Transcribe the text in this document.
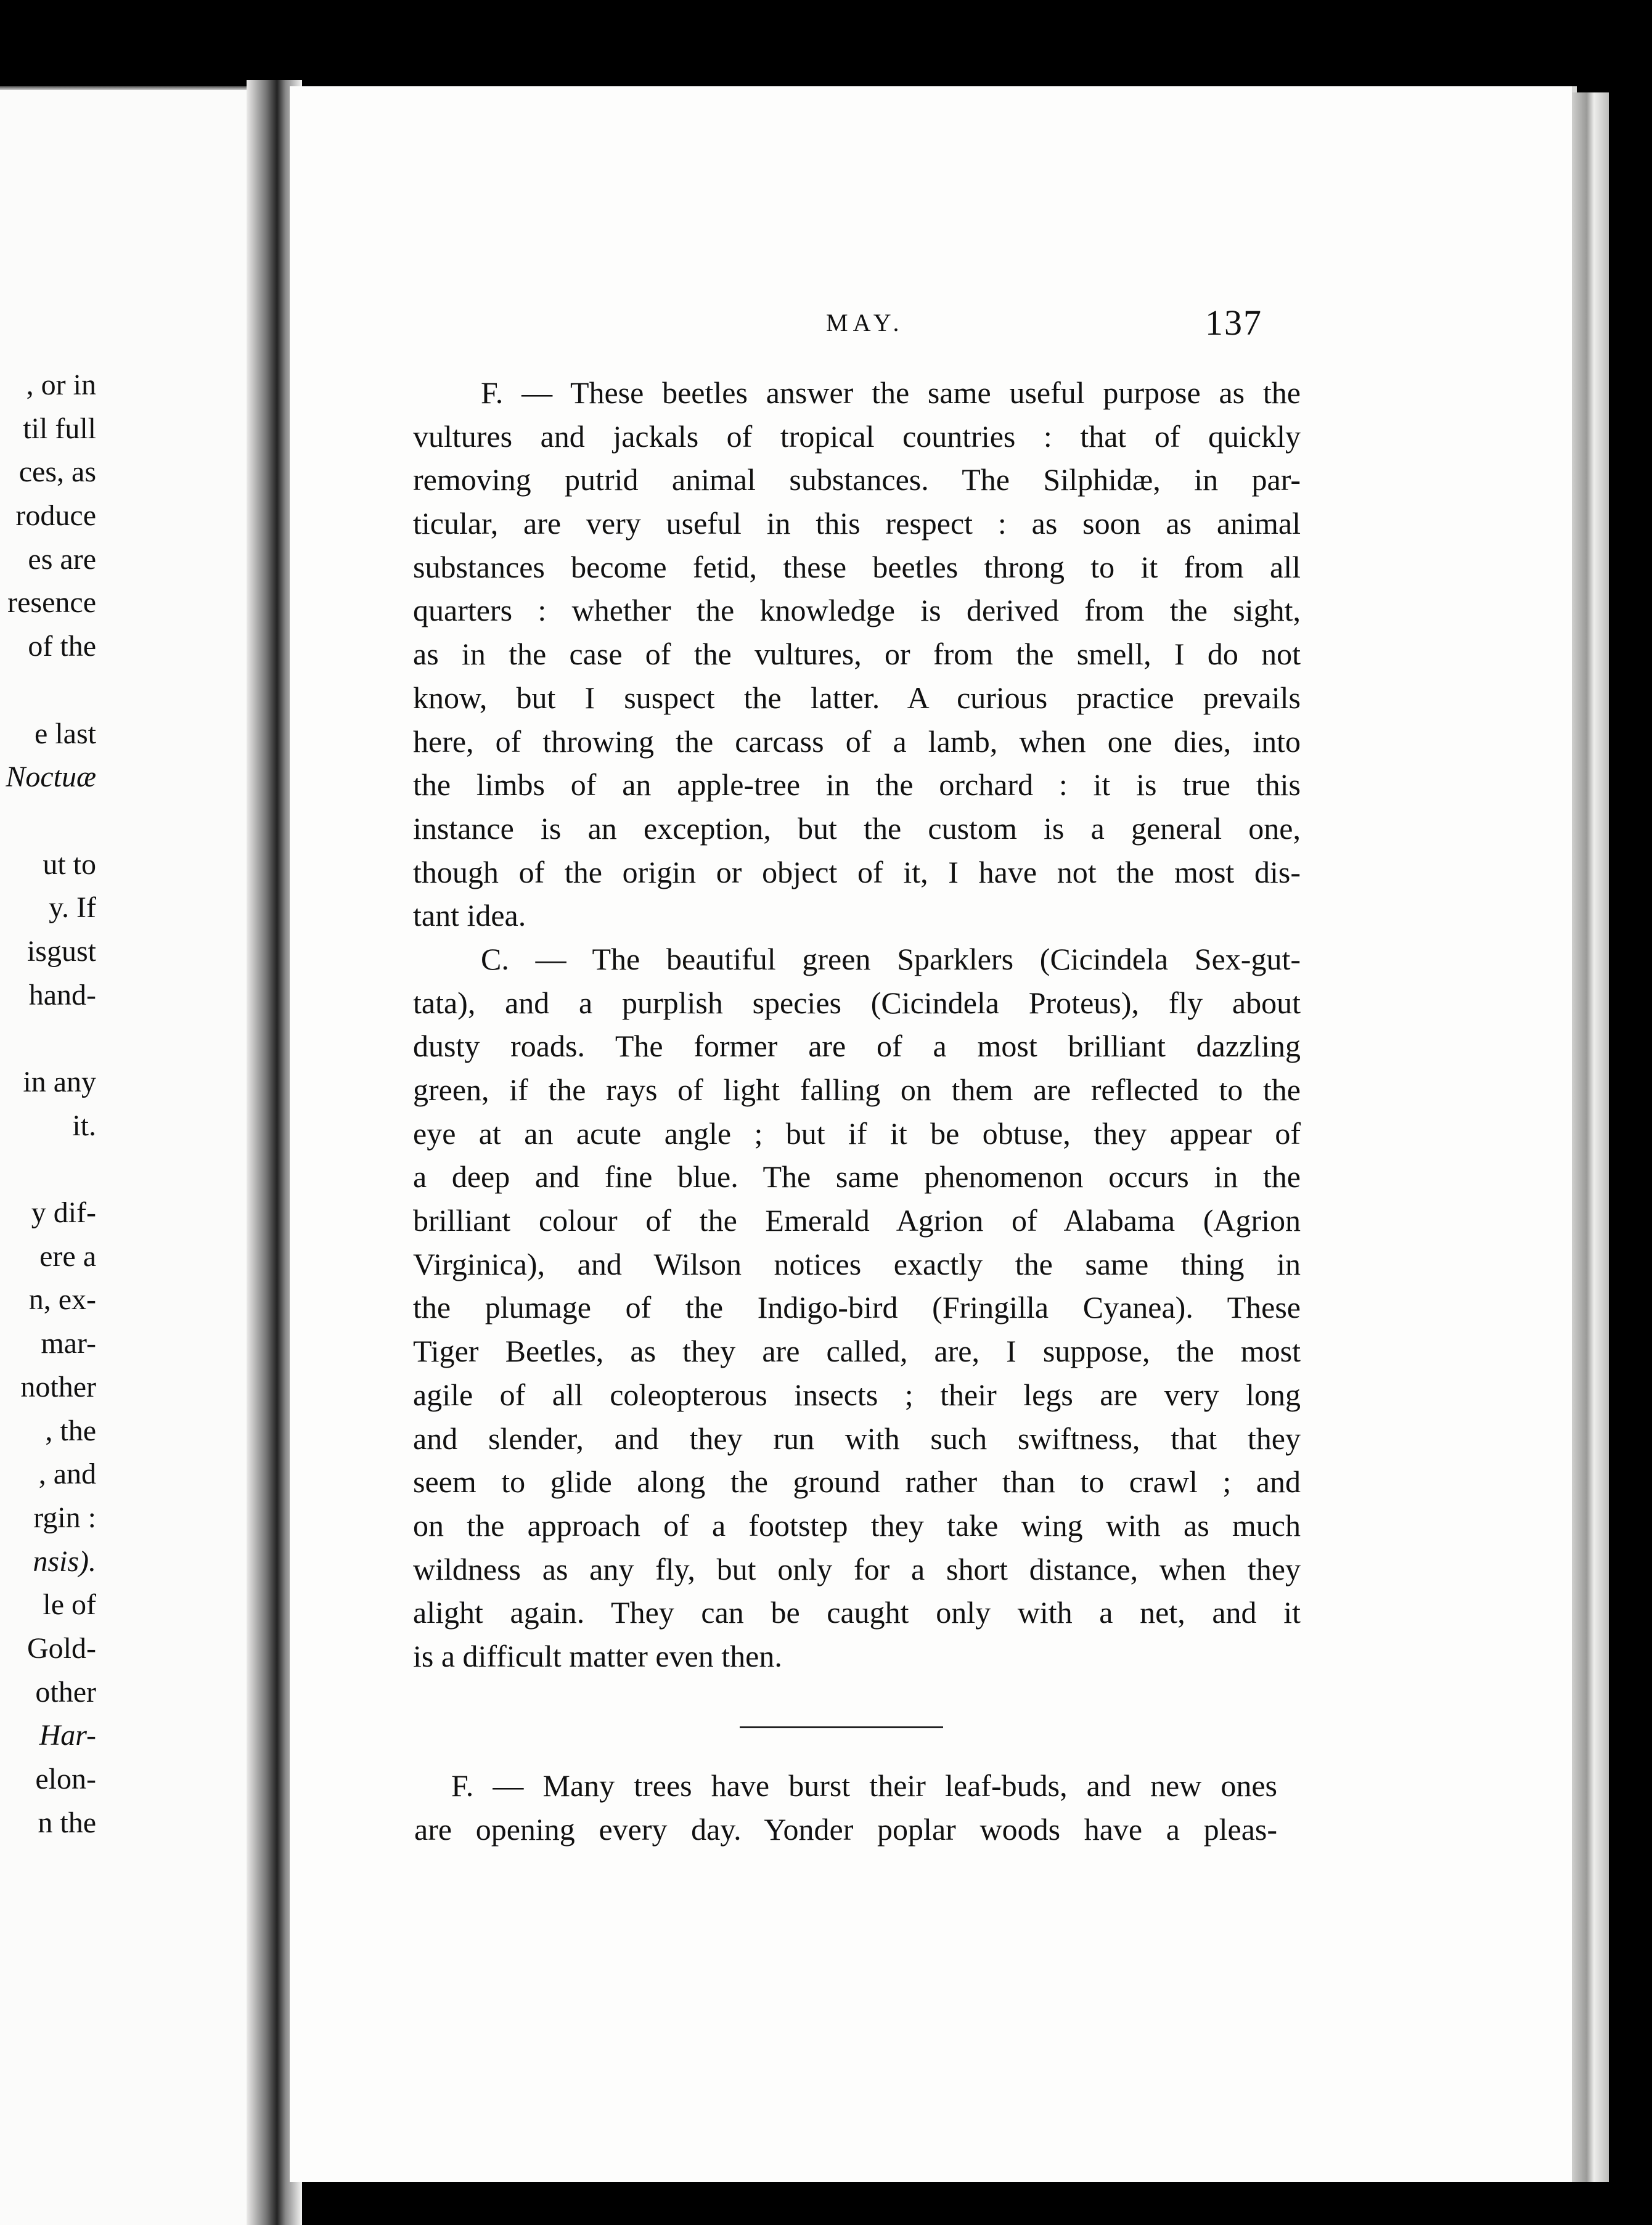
, or in
til full
ces, as
roduce
es are
resence
of the
e last
Noctuæ
ut to
y. If
isgust
hand-
in any
it.
y dif-
ere a
n, ex-
mar-
nother
, the
, and
rgin :
nsis).
le of
Gold-
other
Har-
elon-
n the
MAY.	137
F. — These beetles answer the same useful purpose as the
vultures and jackals of tropical countries : that of quickly
removing putrid animal substances. The Silphidæ, in par-
ticular, are very useful in this respect : as soon as animal
substances become fetid, these beetles throng to it from all
quarters : whether the knowledge is derived from the sight,
as in the case of the vultures, or from the smell, I do not
know, but I suspect the latter. A curious practice prevails
here, of throwing the carcass of a lamb, when one dies, into
the limbs of an apple-tree in the orchard : it is true this
instance is an exception, but the custom is a general one,
though of the origin or object of it, I have not the most dis-
tant idea.
C. — The beautiful green Sparklers (Cicindela Sex-gut-
tata), and a purplish species (Cicindela Proteus), fly about
dusty roads. The former are of a most brilliant dazzling
green, if the rays of light falling on them are reflected to the
eye at an acute angle ; but if it be obtuse, they appear of
a deep and fine blue. The same phenomenon occurs in the
brilliant colour of the Emerald Agrion of Alabama (Agrion
Virginica), and Wilson notices exactly the same thing in
the plumage of the Indigo-bird (Fringilla Cyanea). These
Tiger Beetles, as they are called, are, I suppose, the most
agile of all coleopterous insects ; their legs are very long
and slender, and they run with such swiftness, that they
seem to glide along the ground rather than to crawl ; and
on the approach of a footstep they take wing with as much
wildness as any fly, but only for a short distance, when they
alight again. They can be caught only with a net, and it
is a difficult matter even then.
F. — Many trees have burst their leaf-buds, and new ones
are opening every day. Yonder poplar woods have a pleas-
